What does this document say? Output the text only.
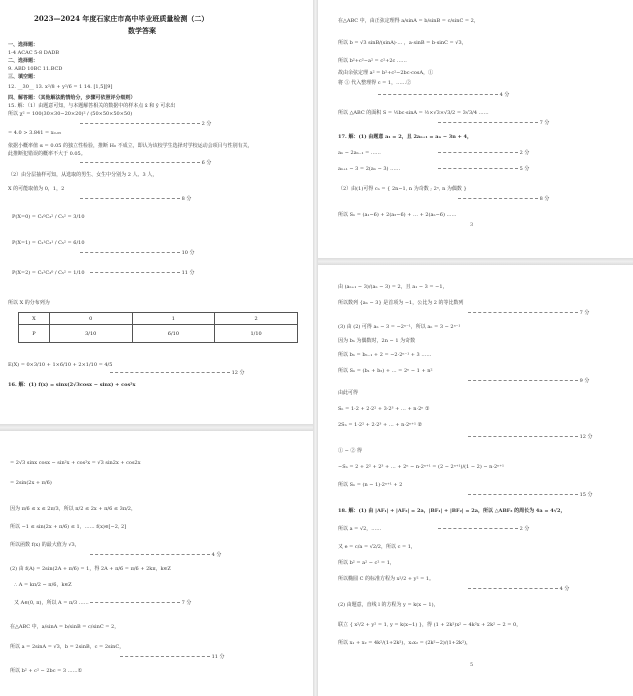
2023—2024 年度石家庄市高中毕业班质量检测（二）
数学答案
一、选择题：
1-4 ACAC 5-8 DADB
二、选择题：
9. ABD 10BC 11.BCD
三、填空题：
12. __30__ 13. x²/8 + y²/6 = 1 14. [1,5][9]
四、解答题：（其他解法酌情给分，步骤可依照评分细则）
15. 解：（1）由题意可知，与本题解答相关的数据中的样本点 x̄ 和 ȳ 可求出
所以 χ² = 100(30×30−20×20)² / (50×50×50×50)
2 分
= 4.0 > 3.841 = x₀.₀₅
依据小概率值 α = 0.05 的独立性检验，推断 H₀ 不成立，即认为该校学生选择对学校运动会项目与性别有关，
此推断犯错误的概率不大于 0.05。
6 分
（2）由分层抽样可知，从选取的男生、女生中分别为 2 人、3 人，
X 的可能取值为 0，1，2
8 分
P(X=0) = C₂⁰C₃² / C₅² = 3/10
P(X=1) = C₂¹C₃¹ / C₅² = 6/10
10 分
P(X=2) = C₂²C₃⁰ / C₅² = 1/10	11 分
所以 X 的分布列为
X	0	1	2
P	3/10	6/10	1/10
E(X) = 0×3/10 + 1×6/10 + 2×1/10 = 4/5
12 分
16. 解：(1) f(x) = sinx(2√3cosx − sinx) + cos²x
在△ABC 中，由正弦定理得 a/sinA = b/sinB = c/sinC = 2，
所以 b = √3 sinB/(sinA)·… ，a·sinB = b·sinC = √3，
所以 b²+c²−a² = c²+2c ……
故由余弦定理 a² = b²+c²−2bc·cosA，①
将 ① 代入整理得 c = 1，……②
4 分
所以 △ABC 的面积 S = ½bc·sinA = ½×√3×√3/2 = 3√3/4 ……
7 分
17. 解：(1) 由题意 a₁ = 2，且 2aₙ₊₁ = aₙ − 3n + 4，
aₙ − 2aₙ₋₁ = ……	2 分
aₙ₊₁ − 3 = 2(aₙ − 3) ……	5 分
（2）由(1)可得 cₙ = { 2n−1, n 为奇数 ; 2ⁿ, n 为偶数 }
8 分
所以 Sₙ = (a₁−6) + 2(a₂−6) + … + 2(aₙ−6) ……
3
= 2√3 sinx cosx − sin²x + cos²x = √3 sin2x + cos2x
= 2sin(2x + π/6)
因为 π/6 ≤ x ≤ 2π/3，所以 π/2 ≤ 2x + π/6 ≤ 3π/2，
所以 −1 ≤ sin(2x + π/6) ≤ 1，…… f(x)∈[−2, 2]
所以函数 f(x) 的最大值为 √3，
4 分
(2) 由 f(A) = 2sin(2A + π/6) = 1，得 2A + π/6 = π/6 + 2kπ，k∈Z
∴ A = kπ/2 − π/6，k∈Z
又 A∈(0, π)，所以 A = π/3 ……	7 分
在△ABC 中，a/sinA = b/sinB = c/sinC = 2，
所以 a = 2sinA = √3，b = 2sinB，c = 2sinC，
11 分
所以 b² + c² − 2bc = 3 ……①
由 (aₙ₊₁ − 3)/(aₙ − 3) = 2，且 a₁ − 3 = −1，
所以数列 {aₙ − 3} 是首项为 −1，公比为 2 的等比数列
7 分
(3) 由 (2) 可得 aₙ − 3 = −2ⁿ⁻¹，所以 aₙ = 3 − 2ⁿ⁻¹
因为 bₙ 为偶数时，2n − 1 为奇数
所以 bₙ = bₙ₋₁ + 2 = −2·2ⁿ⁻¹ + 3 ……
所以 Sₙ = (b₁ + b₂) + … = 2ⁿ − 1 + n²
9 分
由此可得
Sₙ = 1·2 + 2·2² + 3·2³ + … + n·2ⁿ ①
2Sₙ = 1·2² + 2·2³ + … + n·2ⁿ⁺¹ ②
12 分
① − ② 得
−Sₙ = 2 + 2² + 2³ + … + 2ⁿ − n·2ⁿ⁺¹ = (2 − 2ⁿ⁺¹)/(1 − 2) − n·2ⁿ⁺¹
所以 Sₙ = (n − 1)·2ⁿ⁺¹ + 2
15 分
18. 解：(1) 由 |AF₁| + |AF₂| = 2a，|BF₁| + |BF₂| = 2a，所以 △ABF₂ 的周长为 4a = 4√2，
所以 a = √2，……	2 分
又 e = c/a = √2/2，所以 c = 1，
所以 b² = a² − c² = 1，
所以椭圆 C 的标准方程为 x²/2 + y² = 1。
4 分
(2) 由题意，直线 l 的方程为 y = k(x − 1)，
联立 { x²/2 + y² = 1, y = k(x−1) }，得 (1 + 2k²)x² − 4k²x + 2k² − 2 = 0，
所以 x₁ + x₂ = 4k²/(1+2k²)，x₁x₂ = (2k²−2)/(1+2k²)，
5
